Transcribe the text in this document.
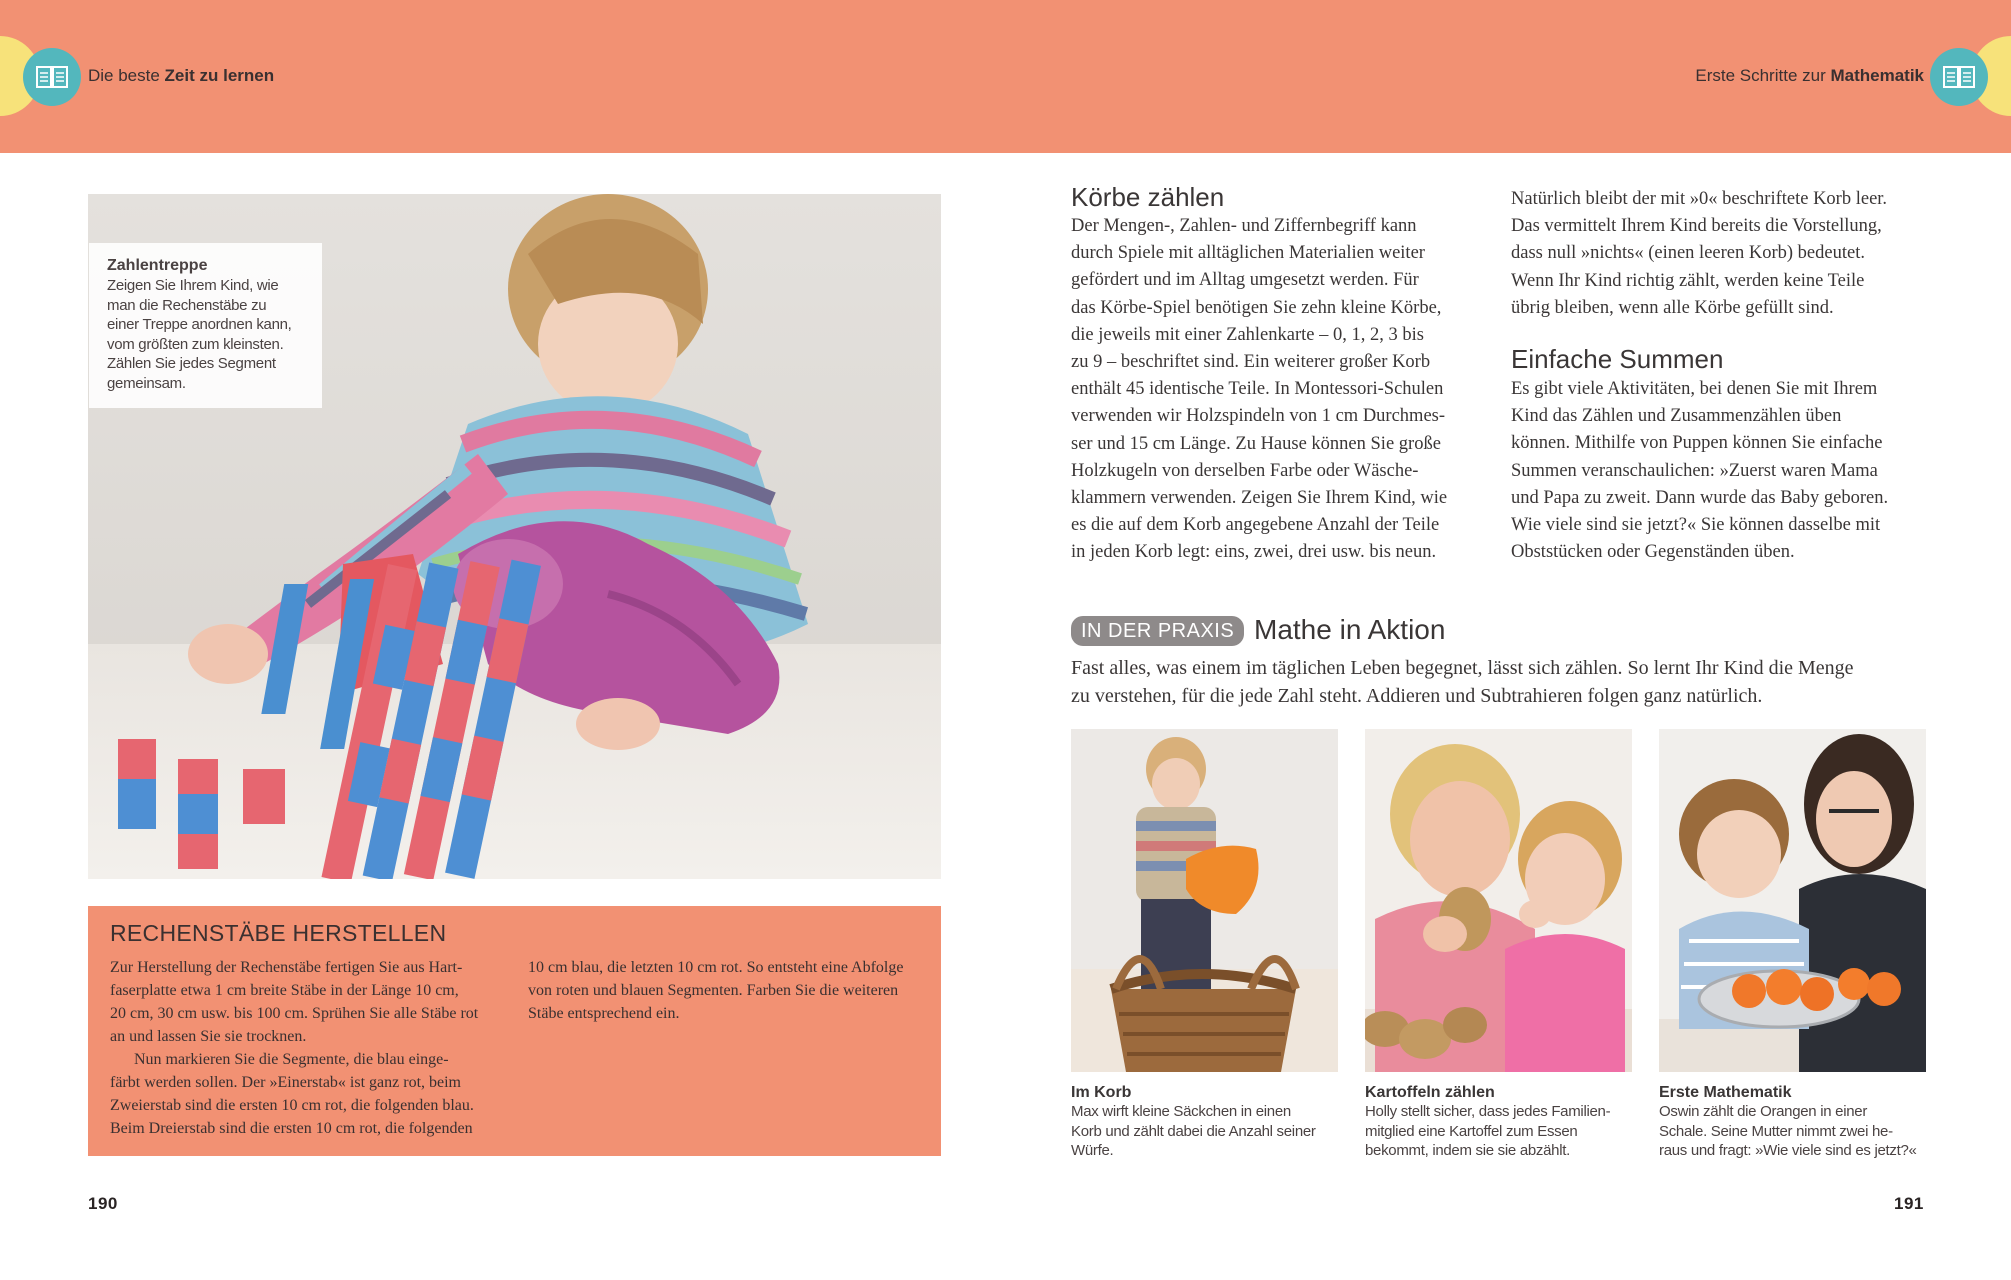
Die beste Zeit zu lernen	Erste Schritte zur Mathematik
Zahlentreppe
Zeigen Sie Ihrem Kind, wie
man die Rechenstäbe zu
einer Treppe anordnen kann,
vom größten zum kleinsten.
Zählen Sie jedes Segment
gemeinsam.
RECHENSTÄBE HERSTELLEN

Zur Herstellung der Rechenstäbe fertigen Sie aus Hart-

faserplatte etwa 1 cm breite Stäbe in der Länge 10 cm,

20 cm, 30 cm usw. bis 100 cm. Sprühen Sie alle Stäbe rot

an und lassen Sie sie trocknen.

Nun markieren Sie die Segmente, die blau einge-

färbt werden sollen. Der »Einerstab« ist ganz rot, beim

Zweierstab sind die ersten 10 cm rot, die folgenden blau.

Beim Dreierstab sind die ersten 10 cm rot, die folgenden

10 cm blau, die letzten 10 cm rot. So entsteht eine Abfolge

von roten und blauen Segmenten. Farben Sie die weiteren

Stäbe entsprechend ein.

Körbe zählen
Der Mengen-, Zahlen- und Ziffernbegriff kann
durch Spiele mit alltäglichen Materialien weiter
gefördert und im Alltag umgesetzt werden. Für
das Körbe-Spiel benötigen Sie zehn kleine Körbe,
die jeweils mit einer Zahlenkarte – 0, 1, 2, 3 bis
zu 9 – beschriftet sind. Ein weiterer großer Korb
enthält 45 identische Teile. In Montessori-Schulen
verwenden wir Holzspindeln von 1 cm Durchmes-
ser und 15 cm Länge. Zu Hause können Sie große
Holzkugeln von derselben Farbe oder Wäsche-
klammern verwenden. Zeigen Sie Ihrem Kind, wie
es die auf dem Korb angegebene Anzahl der Teile
in jeden Korb legt: eins, zwei, drei usw. bis neun.
Natürlich bleibt der mit »0« beschriftete Korb leer.
Das vermittelt Ihrem Kind bereits die Vorstellung,
dass null »nichts« (einen leeren Korb) bedeutet.
Wenn Ihr Kind richtig zählt, werden keine Teile
übrig bleiben, wenn alle Körbe gefüllt sind.
Einfache Summen
Es gibt viele Aktivitäten, bei denen Sie mit Ihrem
Kind das Zählen und Zusammenzählen üben
können. Mithilfe von Puppen können Sie einfache
Summen veranschaulichen: »Zuerst waren Mama
und Papa zu zweit. Dann wurde das Baby geboren.
Wie viele sind sie jetzt?« Sie können dasselbe mit
Obststücken oder Gegenständen üben.
IN DER PRAXIS Mathe in Aktion
Fast alles, was einem im täglichen Leben begegnet, lässt sich zählen. So lernt Ihr Kind die Menge
zu verstehen, für die jede Zahl steht. Addieren und Subtrahieren folgen ganz natürlich.
Im Korb
Max wirft kleine Säckchen in einen
Korb und zählt dabei die Anzahl seiner
Würfe.
Kartoffeln zählen
Holly stellt sicher, dass jedes Familien-
mitglied eine Kartoffel zum Essen
bekommt, indem sie sie abzählt.
Erste Mathematik
Oswin zählt die Orangen in einer
Schale. Seine Mutter nimmt zwei he-
raus und fragt: »Wie viele sind es jetzt?«
190	191
